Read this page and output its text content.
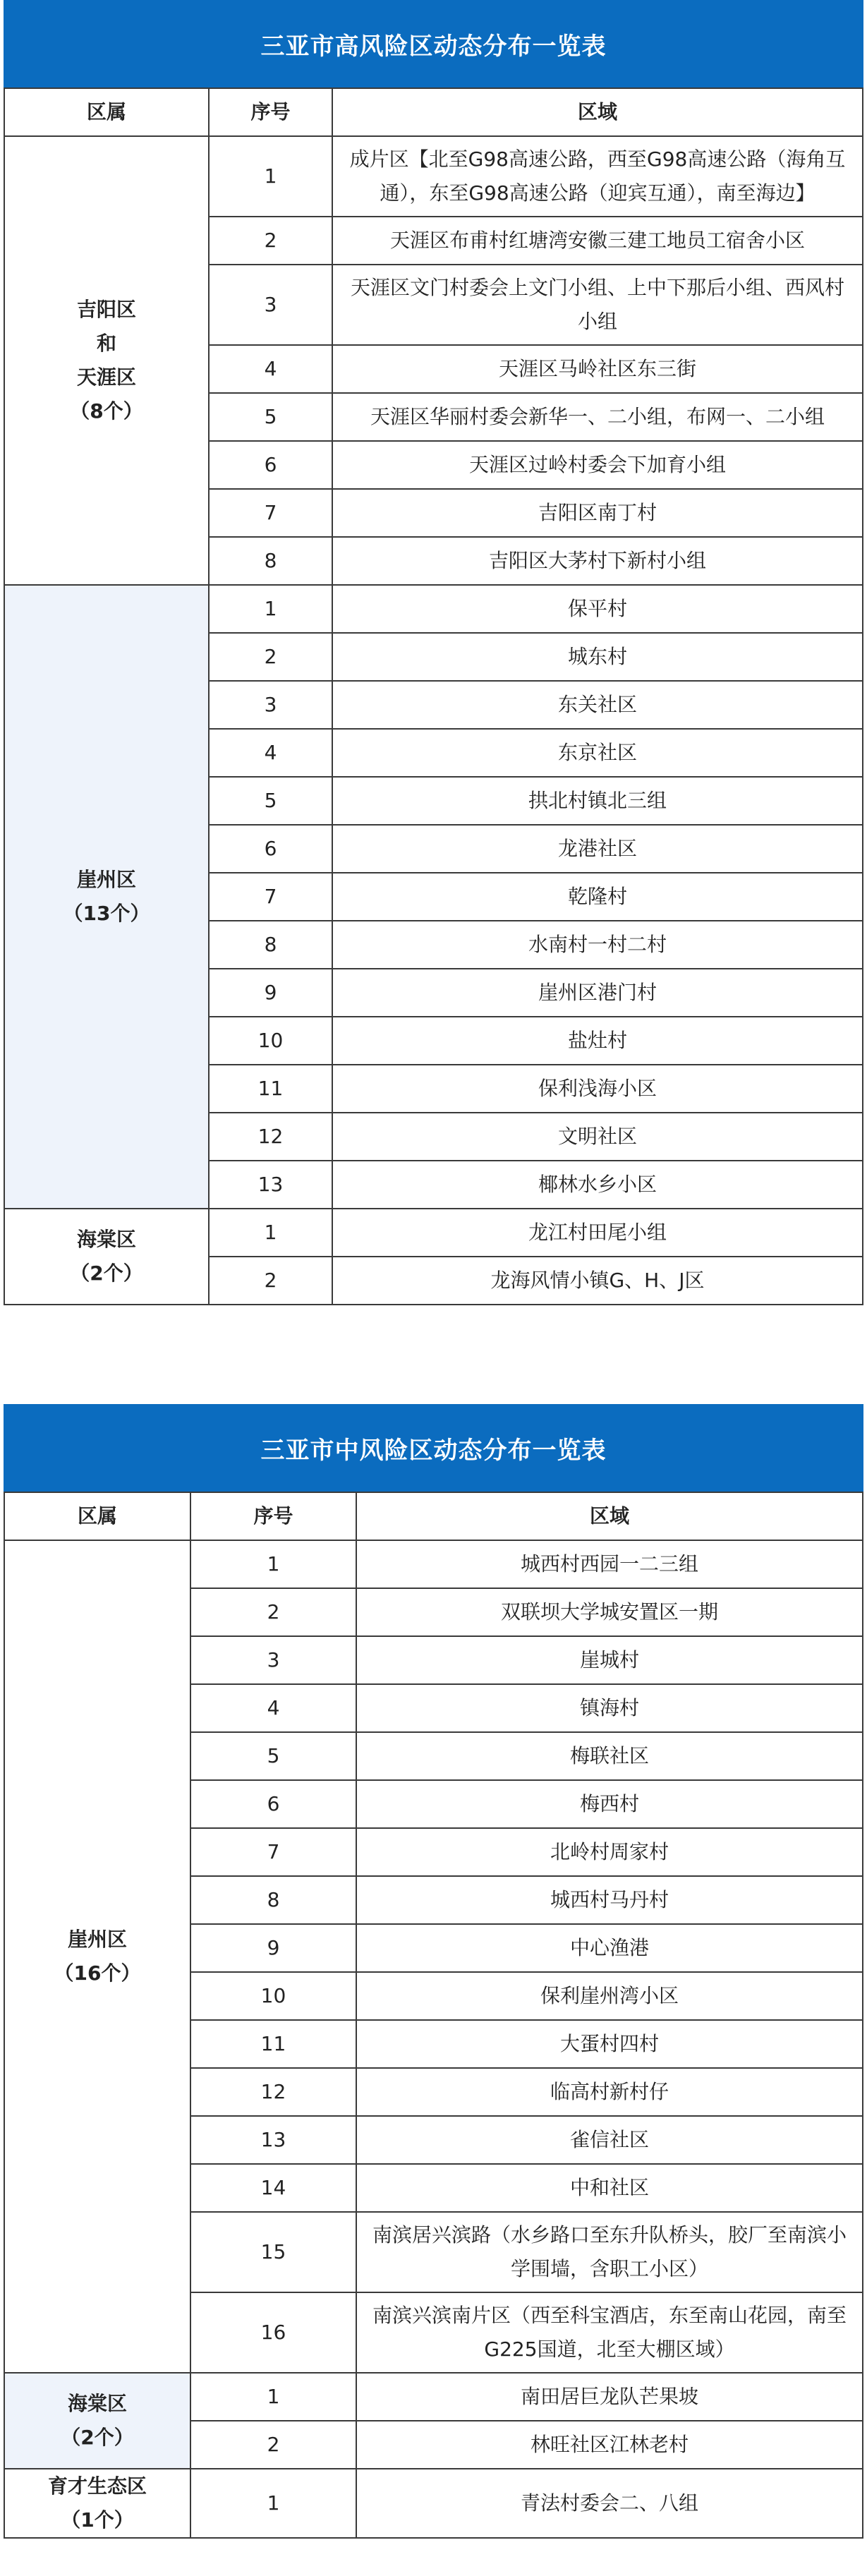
三亚市高风险区动态分布一览表
区属	序号	区域

吉阳区
和
天涯区
（8个）	1	成片区【北至G98高速公路，西至G98高速公路（海角互通），东至G98高速公路（迎宾互通），南至海边】
	2	天涯区布甫村红塘湾安徽三建工地员工宿舍小区
	3	天涯区文门村委会上文门小组、上中下那后小组、西风村小组
	4	天涯区马岭社区东三街
	5	天涯区华丽村委会新华一、二小组，布网一、二小组
	6	天涯区过岭村委会下加育小组
	7	吉阳区南丁村
	8	吉阳区大茅村下新村小组

崖州区
（13个）	1	保平村
	2	城东村
	3	东关社区
	4	东京社区
	5	拱北村镇北三组
	6	龙港社区
	7	乾隆村
	8	水南村一村二村
	9	崖州区港门村
	10	盐灶村
	11	保利浅海小区
	12	文明社区
	13	椰林水乡小区

海棠区
（2个）	1	龙江村田尾小组
	2	龙海风情小镇G、H、J区
三亚市中风险区动态分布一览表
区属	序号	区域

崖州区
（16个）	1	城西村西园一二三组
	2	双联坝大学城安置区一期
	3	崖城村
	4	镇海村
	5	梅联社区
	6	梅西村
	7	北岭村周家村
	8	城西村马丹村
	9	中心渔港
	10	保利崖州湾小区
	11	大蛋村四村
	12	临高村新村仔
	13	雀信社区
	14	中和社区
	15	南滨居兴滨路（水乡路口至东升队桥头，胶厂至南滨小学围墙，含职工小区）
	16	南滨兴滨南片区（西至科宝酒店，东至南山花园，南至G225国道，北至大棚区域）

海棠区
（2个）	1	南田居巨龙队芒果坡
	2	林旺社区江林老村

育才生态区
（1个）	1	青法村委会二、八组
